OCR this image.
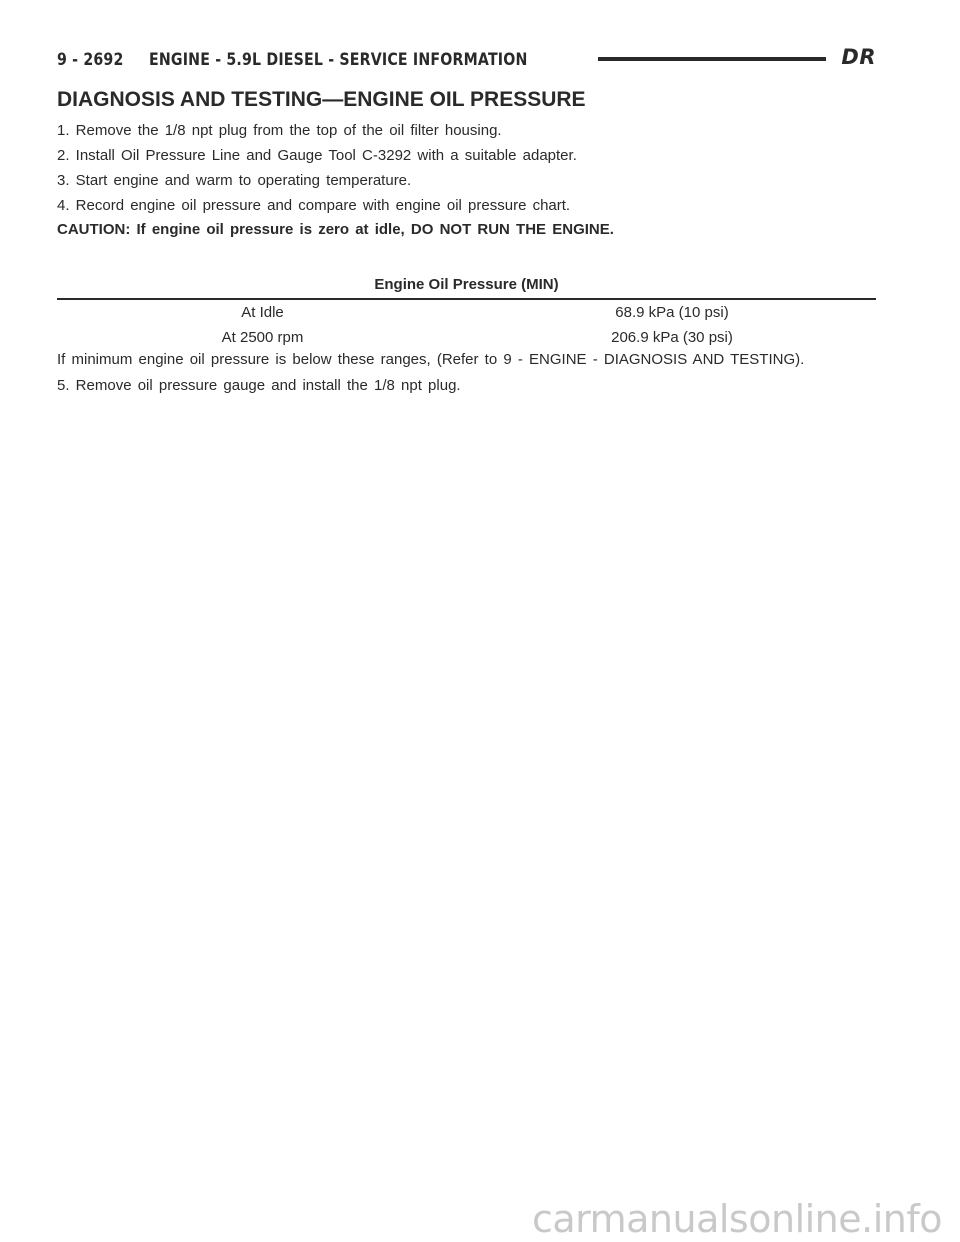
9 - 2692	ENGINE - 5.9L DIESEL - SERVICE INFORMATION	DR
DIAGNOSIS AND TESTING—ENGINE OIL PRESSURE
1. Remove the 1/8 npt plug from the top of the oil filter housing.
2. Install Oil Pressure Line and Gauge Tool C-3292 with a suitable adapter.
3. Start engine and warm to operating temperature.
4. Record engine oil pressure and compare with engine oil pressure chart.
CAUTION: If engine oil pressure is zero at idle, DO NOT RUN THE ENGINE.
Engine Oil Pressure (MIN)
At Idle	68.9 kPa (10 psi)
At 2500 rpm	206.9 kPa (30 psi)
If minimum engine oil pressure is below these ranges, (Refer to 9 - ENGINE - DIAGNOSIS AND TESTING).
5. Remove oil pressure gauge and install the 1/8 npt plug.
carmanualsonline.info
